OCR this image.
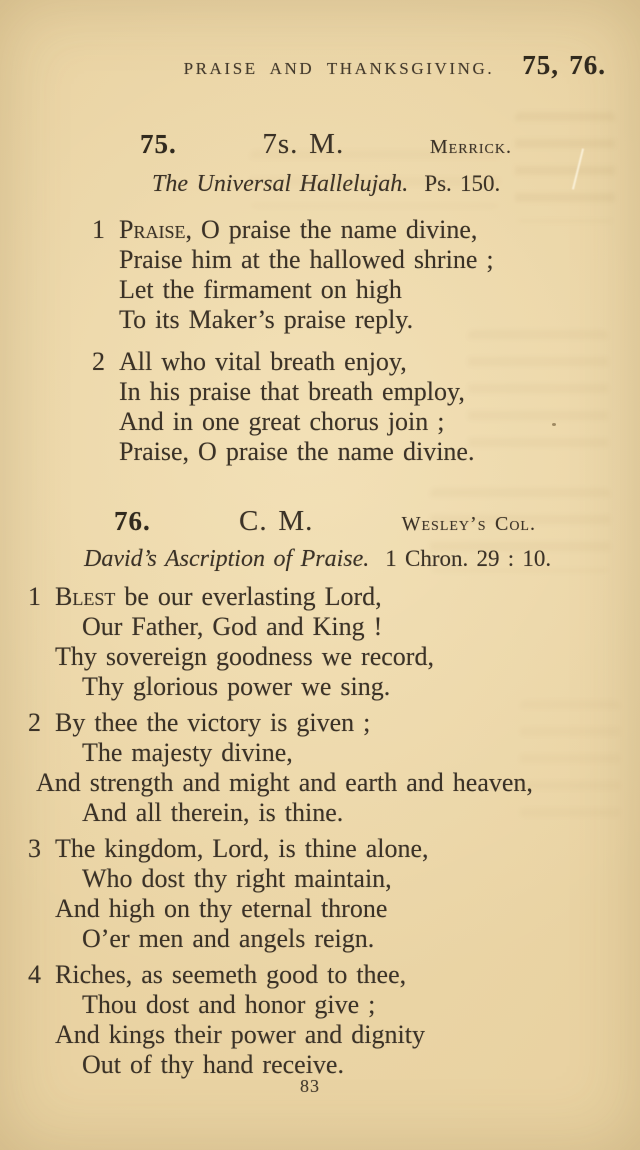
PRAISE AND THANKSGIVING. 75, 76.
75.	7s. M.	Merrick.
The Universal Hallelujah. Ps. 150.
1 Praise, O praise the name divine,
Praise him at the hallowed shrine ;
Let the firmament on high
To its Maker’s praise reply.
2 All who vital breath enjoy,
In his praise that breath employ,
And in one great chorus join ;
Praise, O praise the name divine.
76.	C. M.	Wesley’s Col.
David’s Ascription of Praise. 1 Chron. 29 : 10.
1 Blest be our everlasting Lord,
Our Father, God and King !
Thy sovereign goodness we record,
Thy glorious power we sing.
2 By thee the victory is given ;
The majesty divine,
And strength and might and earth and heaven,
And all therein, is thine.
3 The kingdom, Lord, is thine alone,
Who dost thy right maintain,
And high on thy eternal throne
O’er men and angels reign.
4 Riches, as seemeth good to thee,
Thou dost and honor give ;
And kings their power and dignity
Out of thy hand receive.
83
